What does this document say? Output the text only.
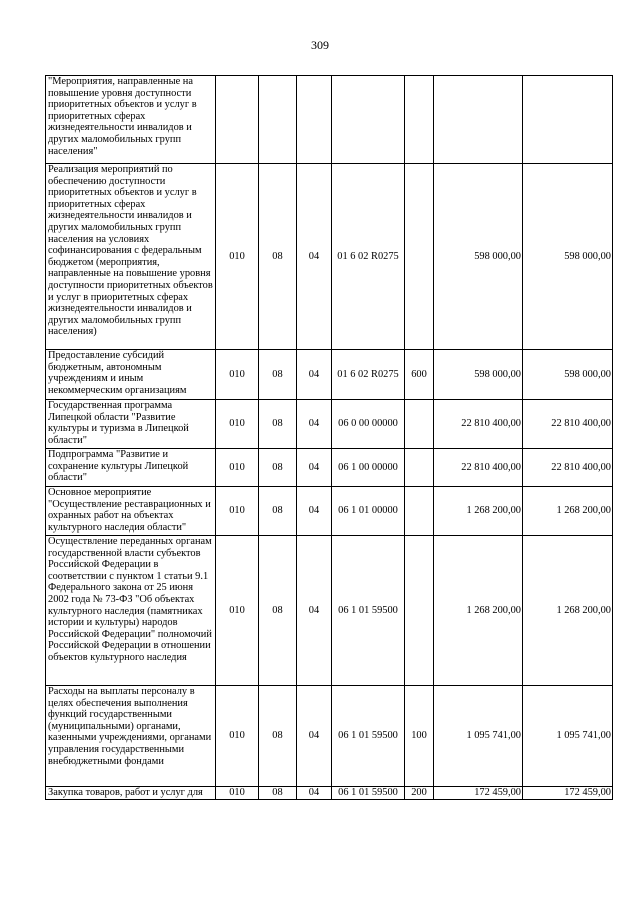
309
"Мероприятия, направленные на повышение уровня доступности приоритетных объектов и услуг в приоритетных сферах жизнедеятельности инвалидов и других маломобильных групп населения"							
Реализация мероприятий по обеспечению доступности приоритетных объектов и услуг в приоритетных сферах жизнедеятельности инвалидов и других маломобильных групп населения на условиях софинансирования с федеральным бюджетом (мероприятия, направленные на повышение уровня доступности приоритетных объектов и услуг в приоритетных сферах жизнедеятельности инвалидов и других маломобильных групп населения)	010	08	04	01 6 02 R0275		598 000,00	598 000,00
Предоставление субсидий бюджетным, автономным учреждениям и иным некоммерческим организациям	010	08	04	01 6 02 R0275	600	598 000,00	598 000,00
Государственная программа Липецкой области "Развитие культуры и туризма в Липецкой области"	010	08	04	06 0 00 00000		22 810 400,00	22 810 400,00
Подпрограмма "Развитие и сохранение культуры Липецкой области"	010	08	04	06 1 00 00000		22 810 400,00	22 810 400,00
Основное мероприятие "Осуществление реставрационных и охранных работ на объектах культурного наследия области"	010	08	04	06 1 01 00000		1 268 200,00	1 268 200,00
Осуществление переданных органам государственной власти субъектов Российской Федерации в соответствии с пунктом 1 статьи 9.1 Федерального закона от 25 июня 2002 года № 73-ФЗ "Об объектах культурного наследия (памятниках истории и культуры) народов Российской Федерации" полномочий Российской Федерации в отношении объектов культурного наследия	010	08	04	06 1 01 59500		1 268 200,00	1 268 200,00
Расходы на выплаты персоналу в целях обеспечения выполнения функций государственными (муниципальными) органами, казенными учреждениями, органами управления государственными внебюджетными фондами	010	08	04	06 1 01 59500	100	1 095 741,00	1 095 741,00
Закупка товаров, работ и услуг для	010	08	04	06 1 01 59500	200	172 459,00	172 459,00
